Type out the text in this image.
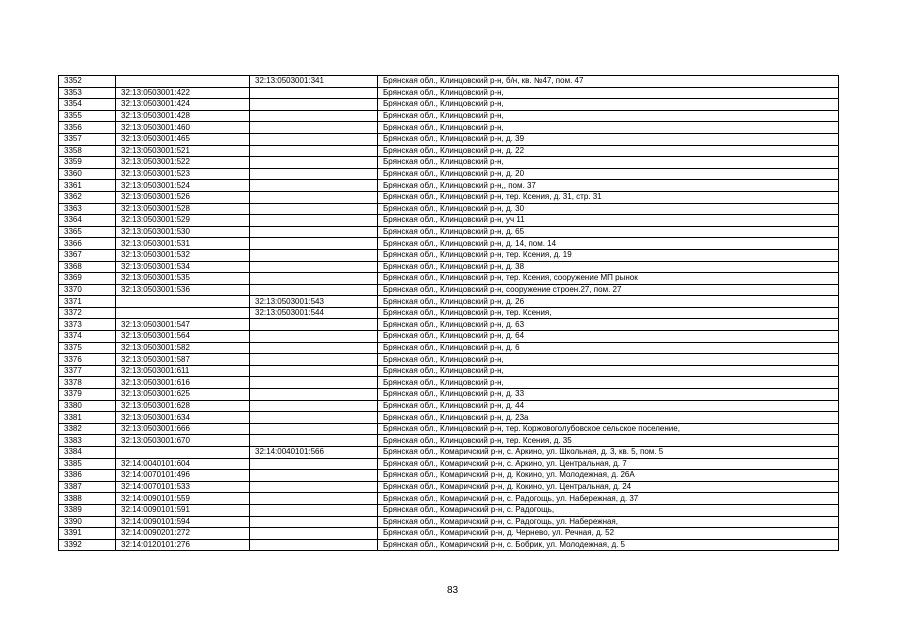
3352		32:13:0503001:341	Брянская обл., Клинцовский р-н, б/н, кв. №47, пом. 47
3353	32:13:0503001:422		Брянская обл., Клинцовский р-н,
3354	32:13:0503001:424		Брянская обл., Клинцовский р-н,
3355	32:13:0503001:428		Брянская обл., Клинцовский р-н,
3356	32:13:0503001:460		Брянская обл., Клинцовский р-н,
3357	32:13:0503001:465		Брянская обл., Клинцовский р-н, д. 39
3358	32:13:0503001:521		Брянская обл., Клинцовский р-н, д. 22
3359	32:13:0503001:522		Брянская обл., Клинцовский р-н,
3360	32:13:0503001:523		Брянская обл., Клинцовский р-н, д. 20
3361	32:13:0503001:524		Брянская обл., Клинцовский р-н,, пом. 37
3362	32:13:0503001:526		Брянская обл., Клинцовский р-н, тер. Ксения, д. 31, стр. 31
3363	32:13:0503001:528		Брянская обл., Клинцовский р-н, д. 30
3364	32:13:0503001:529		Брянская обл., Клинцовский р-н, уч 11
3365	32:13:0503001:530		Брянская обл., Клинцовский р-н, д. 65
3366	32:13:0503001:531		Брянская обл., Клинцовский р-н, д. 14, пом. 14
3367	32:13:0503001:532		Брянская обл., Клинцовский р-н, тер. Ксения, д. 19
3368	32:13:0503001:534		Брянская обл., Клинцовский р-н, д. 38
3369	32:13:0503001:535		Брянская обл., Клинцовский р-н, тер. Ксения, сооружение МП рынок
3370	32:13:0503001:536		Брянская обл., Клинцовский р-н, сооружение строен.27, пом. 27
3371		32:13:0503001:543	Брянская обл., Клинцовский р-н, д. 26
3372		32:13:0503001:544	Брянская обл., Клинцовский р-н, тер. Ксения,
3373	32:13:0503001:547		Брянская обл., Клинцовский р-н, д. 63
3374	32:13:0503001:564		Брянская обл., Клинцовский р-н, д. 64
3375	32:13:0503001:582		Брянская обл., Клинцовский р-н, д. 6
3376	32:13:0503001:587		Брянская обл., Клинцовский р-н,
3377	32:13:0503001:611		Брянская обл., Клинцовский р-н,
3378	32:13:0503001:616		Брянская обл., Клинцовский р-н,
3379	32:13:0503001:625		Брянская обл., Клинцовский р-н, д. 33
3380	32:13:0503001:628		Брянская обл., Клинцовский р-н, д. 44
3381	32:13:0503001:634		Брянская обл., Клинцовский р-н, д. 23а
3382	32:13:0503001:666		Брянская обл., Клинцовский р-н, тер. Коржовоголубовское сельское поселение,
3383	32:13:0503001:670		Брянская обл., Клинцовский р-н, тер. Ксения, д. 35
3384		32:14:0040101:566	Брянская обл., Комаричский р-н, с. Аркино, ул. Школьная, д. 3, кв. 5, пом. 5
3385	32:14:0040101:604		Брянская обл., Комаричский р-н, с. Аркино, ул. Центральная, д. 7
3386	32:14:0070101:496		Брянская обл., Комаричский р-н, д. Кокино, ул. Молодежная, д. 26А
3387	32:14:0070101:533		Брянская обл., Комаричский р-н, д. Кокино, ул. Центральная, д. 24
3388	32:14:0090101:559		Брянская обл., Комаричский р-н, с. Радогощь, ул. Набережная, д. 37
3389	32:14:0090101:591		Брянская обл., Комаричский р-н, с. Радогощь,
3390	32:14:0090101:594		Брянская обл., Комаричский р-н, с. Радогощь, ул. Набережная,
3391	32:14:0090201:272		Брянская обл., Комаричский р-н, д. Чернево, ул. Речная, д. 52
3392	32:14:0120101:276		Брянская обл., Комаричский р-н, с. Бобрик, ул. Молодежная, д. 5
83
